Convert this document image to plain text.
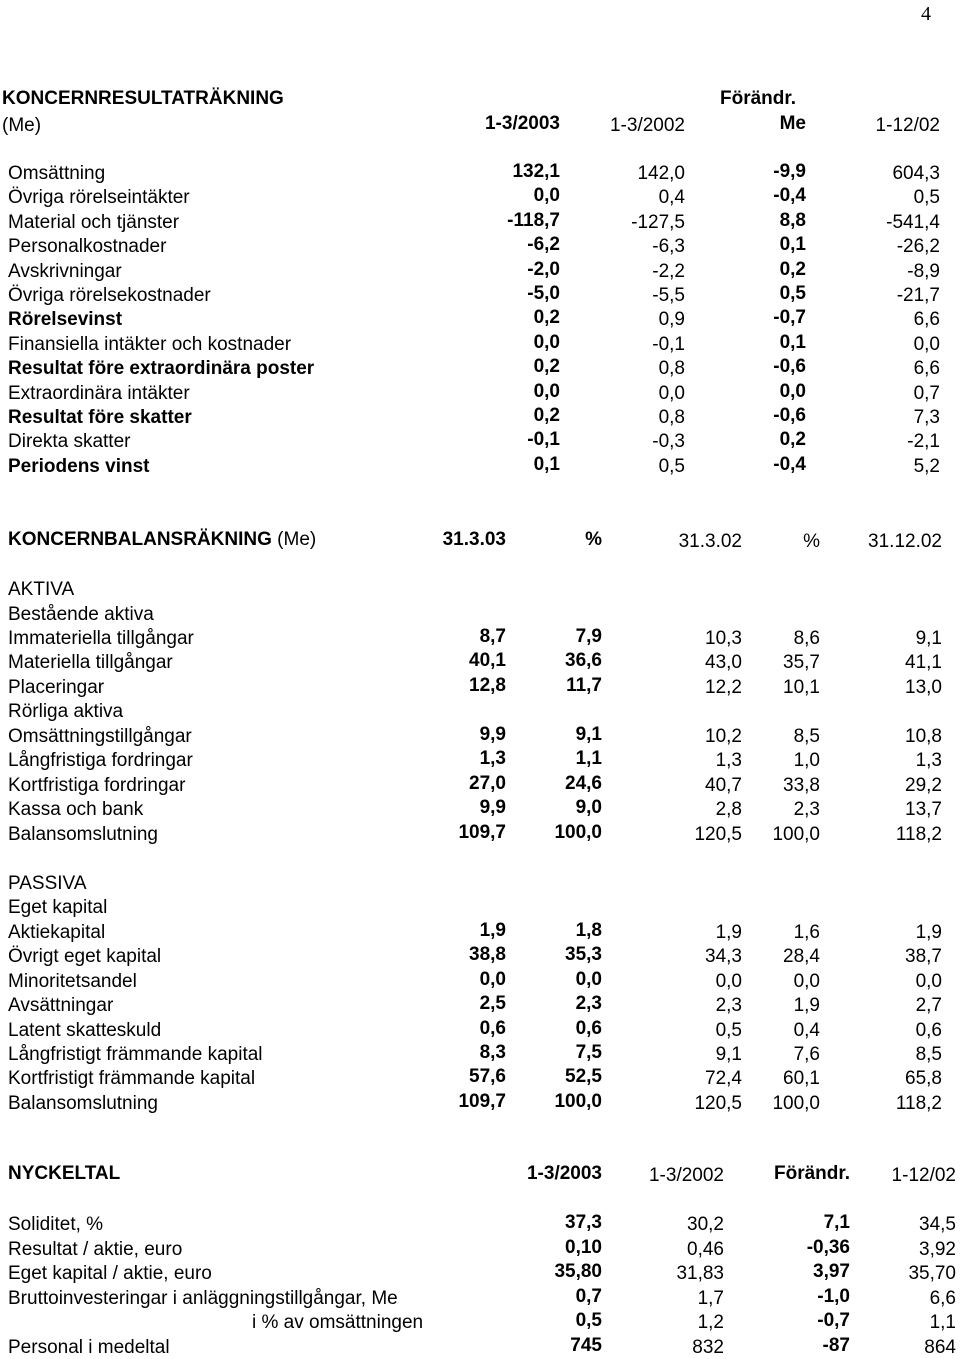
4
KONCERNRESULTATRÄKNING	Förändr.
(Me)	1-3/2003	1-3/2002	Me	1-12/02
Omsättning	132,1	142,0	-9,9	604,3
Övriga rörelseintäkter	0,0	0,4	-0,4	0,5
Material och tjänster	-118,7	-127,5	8,8	-541,4
Personalkostnader	-6,2	-6,3	0,1	-26,2
Avskrivningar	-2,0	-2,2	0,2	-8,9
Övriga rörelsekostnader	-5,0	-5,5	0,5	-21,7
Rörelsevinst	0,2	0,9	-0,7	6,6
Finansiella intäkter och kostnader	0,0	-0,1	0,1	0,0
Resultat före extraordinära poster	0,2	0,8	-0,6	6,6
Extraordinära intäkter	0,0	0,0	0,0	0,7
Resultat före skatter	0,2	0,8	-0,6	7,3
Direkta skatter	-0,1	-0,3	0,2	-2,1
Periodens vinst	0,1	0,5	-0,4	5,2
KONCERNBALANSRÄKNING (Me)	31.3.03	%	31.3.02	%	31.12.02
AKTIVA
Bestående aktiva
Immateriella tillgångar	8,7	7,9	10,3	8,6	9,1
Materiella tillgångar	40,1	36,6	43,0	35,7	41,1
Placeringar	12,8	11,7	12,2	10,1	13,0
Rörliga aktiva
Omsättningstillgångar	9,9	9,1	10,2	8,5	10,8
Långfristiga fordringar	1,3	1,1	1,3	1,0	1,3
Kortfristiga fordringar	27,0	24,6	40,7	33,8	29,2
Kassa och bank	9,9	9,0	2,8	2,3	13,7
Balansomslutning	109,7	100,0	120,5	100,0	118,2
PASSIVA
Eget kapital
Aktiekapital	1,9	1,8	1,9	1,6	1,9
Övrigt eget kapital	38,8	35,3	34,3	28,4	38,7
Minoritetsandel	0,0	0,0	0,0	0,0	0,0
Avsättningar	2,5	2,3	2,3	1,9	2,7
Latent skatteskuld	0,6	0,6	0,5	0,4	0,6
Långfristigt främmande kapital	8,3	7,5	9,1	7,6	8,5
Kortfristigt främmande kapital	57,6	52,5	72,4	60,1	65,8
Balansomslutning	109,7	100,0	120,5	100,0	118,2
NYCKELTAL	1-3/2003	1-3/2002	Förändr.	1-12/02
Soliditet, %	37,3	30,2	7,1	34,5
Resultat / aktie, euro	0,10	0,46	-0,36	3,92
Eget kapital / aktie, euro	35,80	31,83	3,97	35,70
Bruttoinvesteringar i anläggningstillgångar, Me	0,7	1,7	-1,0	6,6
i % av omsättningen	0,5	1,2	-0,7	1,1
Personal i medeltal	745	832	-87	864
